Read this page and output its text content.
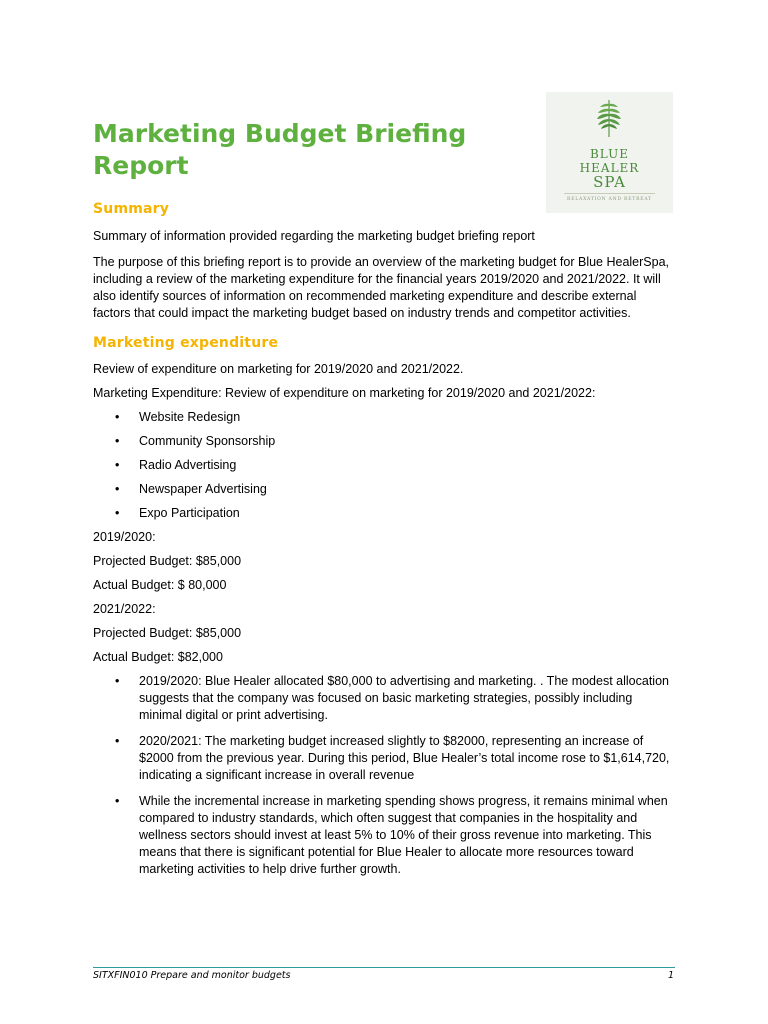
Marketing Budget Briefing Report	BLUE
HEALER
SPA
RELAXATION AND RETREAT
Summary

Summary of information provided regarding the marketing budget briefing report

The purpose of this briefing report is to provide an overview of the marketing budget for Blue HealerSpa, including a review of the marketing expenditure for the financial years 2019/2020 and 2021/2022. It will also identify sources of information on recommended marketing expenditure and describe external factors that could impact the marketing budget based on industry trends and competitor activities.

Marketing expenditure

Review of expenditure on marketing for 2019/2020 and 2021/2022.

Marketing Expenditure: Review of expenditure on marketing for 2019/2020 and 2021/2022:

• Website Redesign
• Community Sponsorship
• Radio Advertising
• Newspaper Advertising
• Expo Participation

2019/2020:

Projected Budget: $85,000

Actual Budget: $ 80,000

2021/2022:

Projected Budget: $85,000

Actual Budget: $82,000

• 2019/2020: Blue Healer allocated $80,000 to advertising and marketing. . The modest allocation suggests that the company was focused on basic marketing strategies, possibly including minimal digital or print advertising.
• 2020/2021: The marketing budget increased slightly to $82000, representing an increase of $2000 from the previous year. During this period, Blue Healer’s total income rose to $1,614,720, indicating a significant increase in overall revenue
• While the incremental increase in marketing spending shows progress, it remains minimal when compared to industry standards, which often suggest that companies in the hospitality and wellness sectors should invest at least 5% to 10% of their gross revenue into marketing. This means that there is significant potential for Blue Healer to allocate more resources toward marketing activities to help drive further growth.
SITXFIN010 Prepare and monitor budgets	1
